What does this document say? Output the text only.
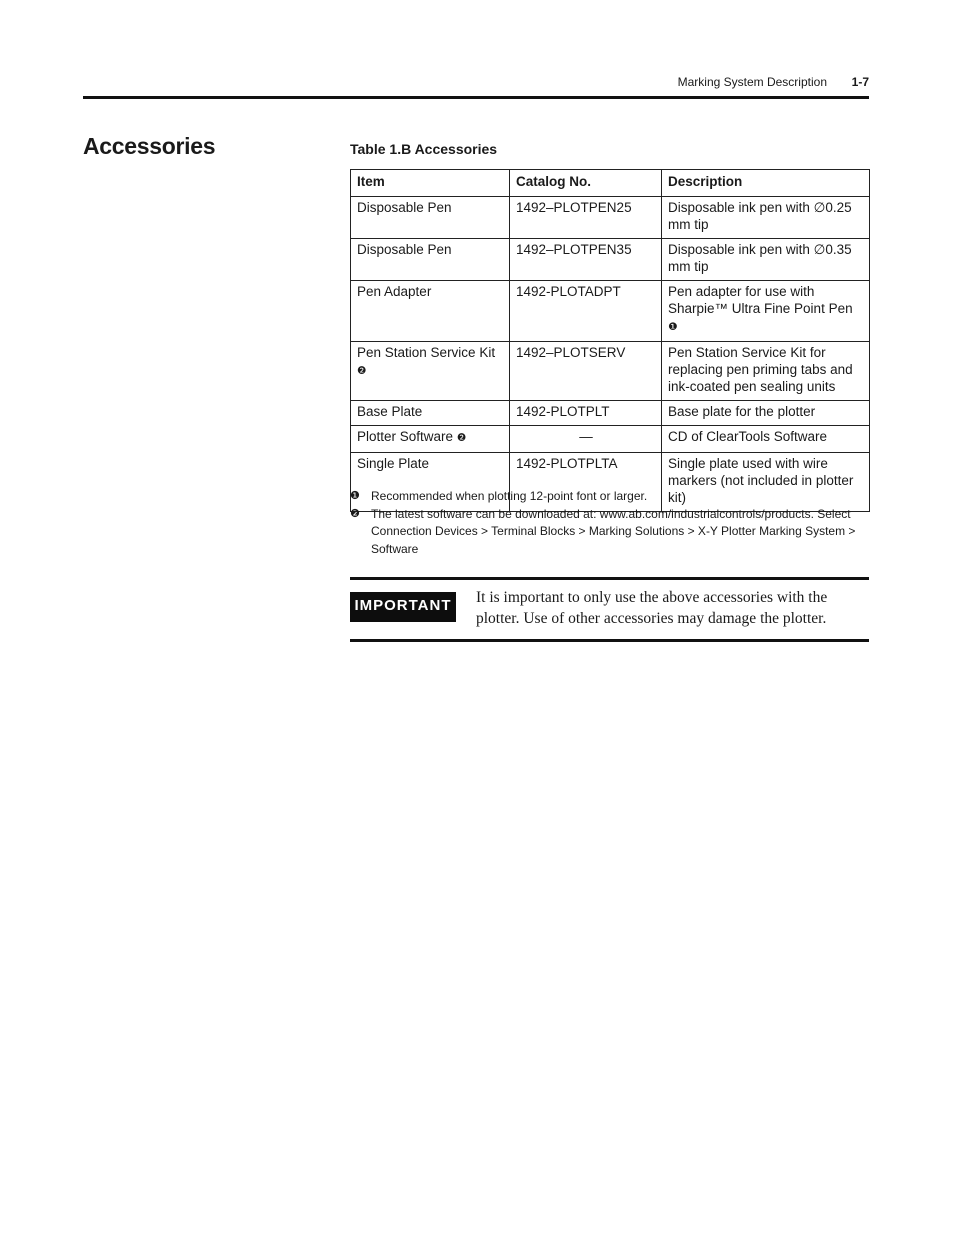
Marking System Description 1-7
Accessories	Table 1.B Accessories
Item	Catalog No.	Description
Disposable Pen	1492–PLOTPEN25	Disposable ink pen with ∅0.25 mm tip
Disposable Pen	1492–PLOTPEN35	Disposable ink pen with ∅0.35 mm tip
Pen Adapter	1492-PLOTADPT	Pen adapter for use with Sharpie™ Ultra Fine Point Pen ❶
Pen Station Service Kit ❷	1492–PLOTSERV	Pen Station Service Kit for replacing pen priming tabs and ink-coated pen sealing units
Base Plate	1492-PLOTPLT	Base plate for the plotter
Plotter Software ❷	—	CD of ClearTools Software
Single Plate	1492-PLOTPLTA	Single plate used with wire markers (not included in plotter kit)
❶ Recommended when plotting 12-point font or larger.
❷ The latest software can be downloaded at: www.ab.com/industrialcontrols/products. Select Connection Devices > Terminal Blocks > Marking Solutions > X-Y Plotter Marking System > Software
IMPORTANT It is important to only use the above accessories with the plotter. Use of other accessories may damage the plotter.
